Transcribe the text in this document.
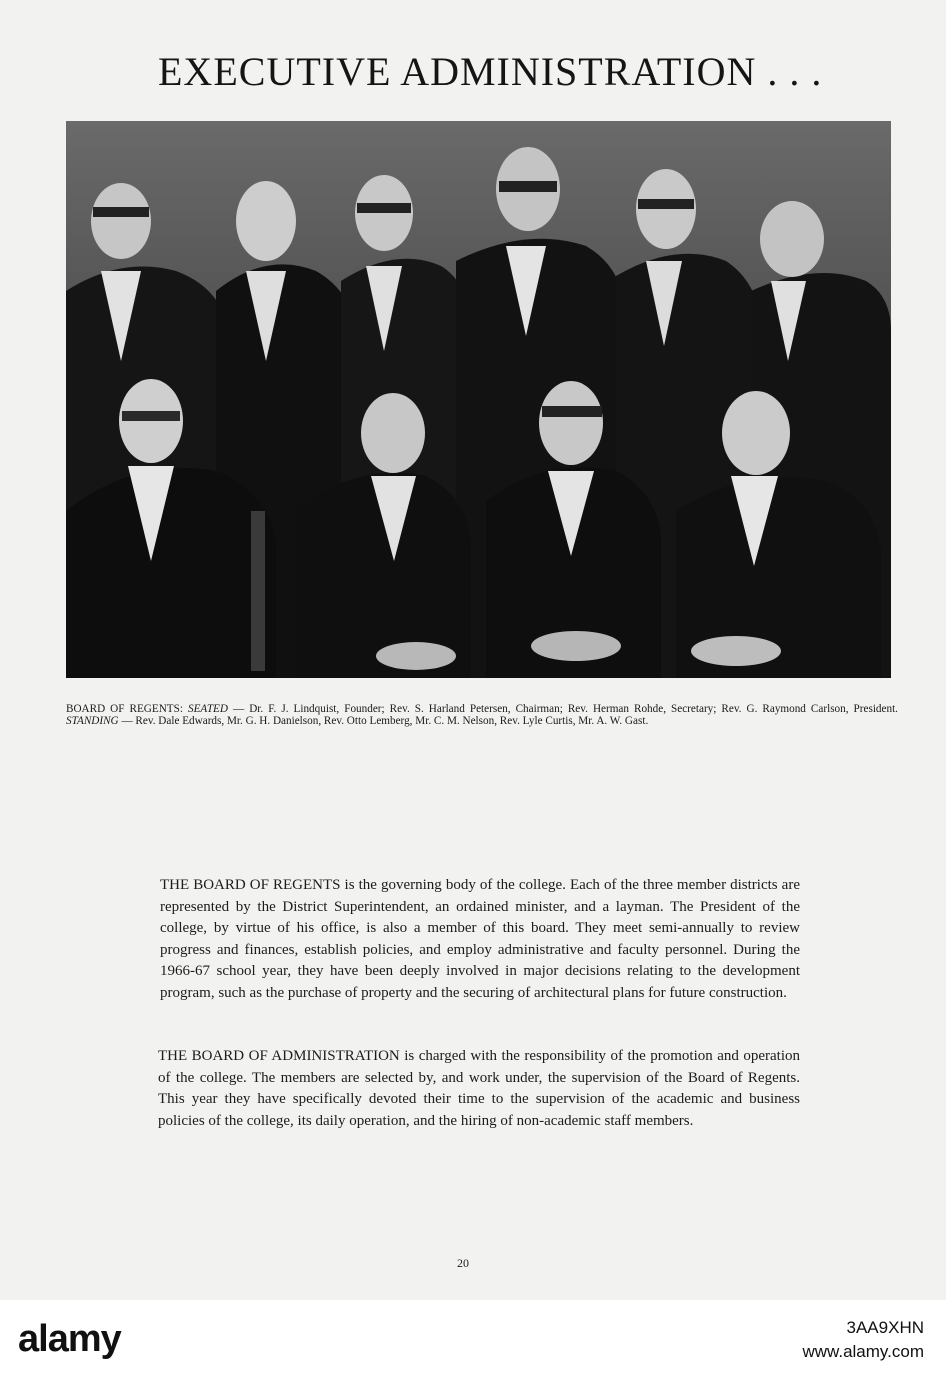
EXECUTIVE ADMINISTRATION . . .

BOARD OF REGENTS: SEATED — Dr. F. J. Lindquist, Founder; Rev. S. Harland Petersen, Chairman; Rev. Herman Rohde, Secretary; Rev. G. Raymond Carlson, President. STANDING — Rev. Dale Edwards, Mr. G. H. Danielson, Rev. Otto Lemberg, Mr. C. M. Nelson, Rev. Lyle Curtis, Mr. A. W. Gast.

THE BOARD OF REGENTS is the governing body of the college. Each of the three member districts are represented by the District Superintendent, an ordained minister, and a layman. The President of the college, by virtue of his office, is also a member of this board. They meet semi-annually to review progress and finances, establish policies, and employ administrative and faculty personnel. During the 1966-67 school year, they have been deeply involved in major decisions relating to the development program, such as the purchase of property and the securing of architectural plans for future construction.

THE BOARD OF ADMINISTRATION is charged with the responsibility of the promotion and operation of the college. The members are selected by, and work under, the supervision of the Board of Regents. This year they have specifically devoted their time to the supervision of the academic and business policies of the college, its daily operation, and the hiring of non-academic staff members.

20
alamy	3AA9XHN
www.alamy.com
